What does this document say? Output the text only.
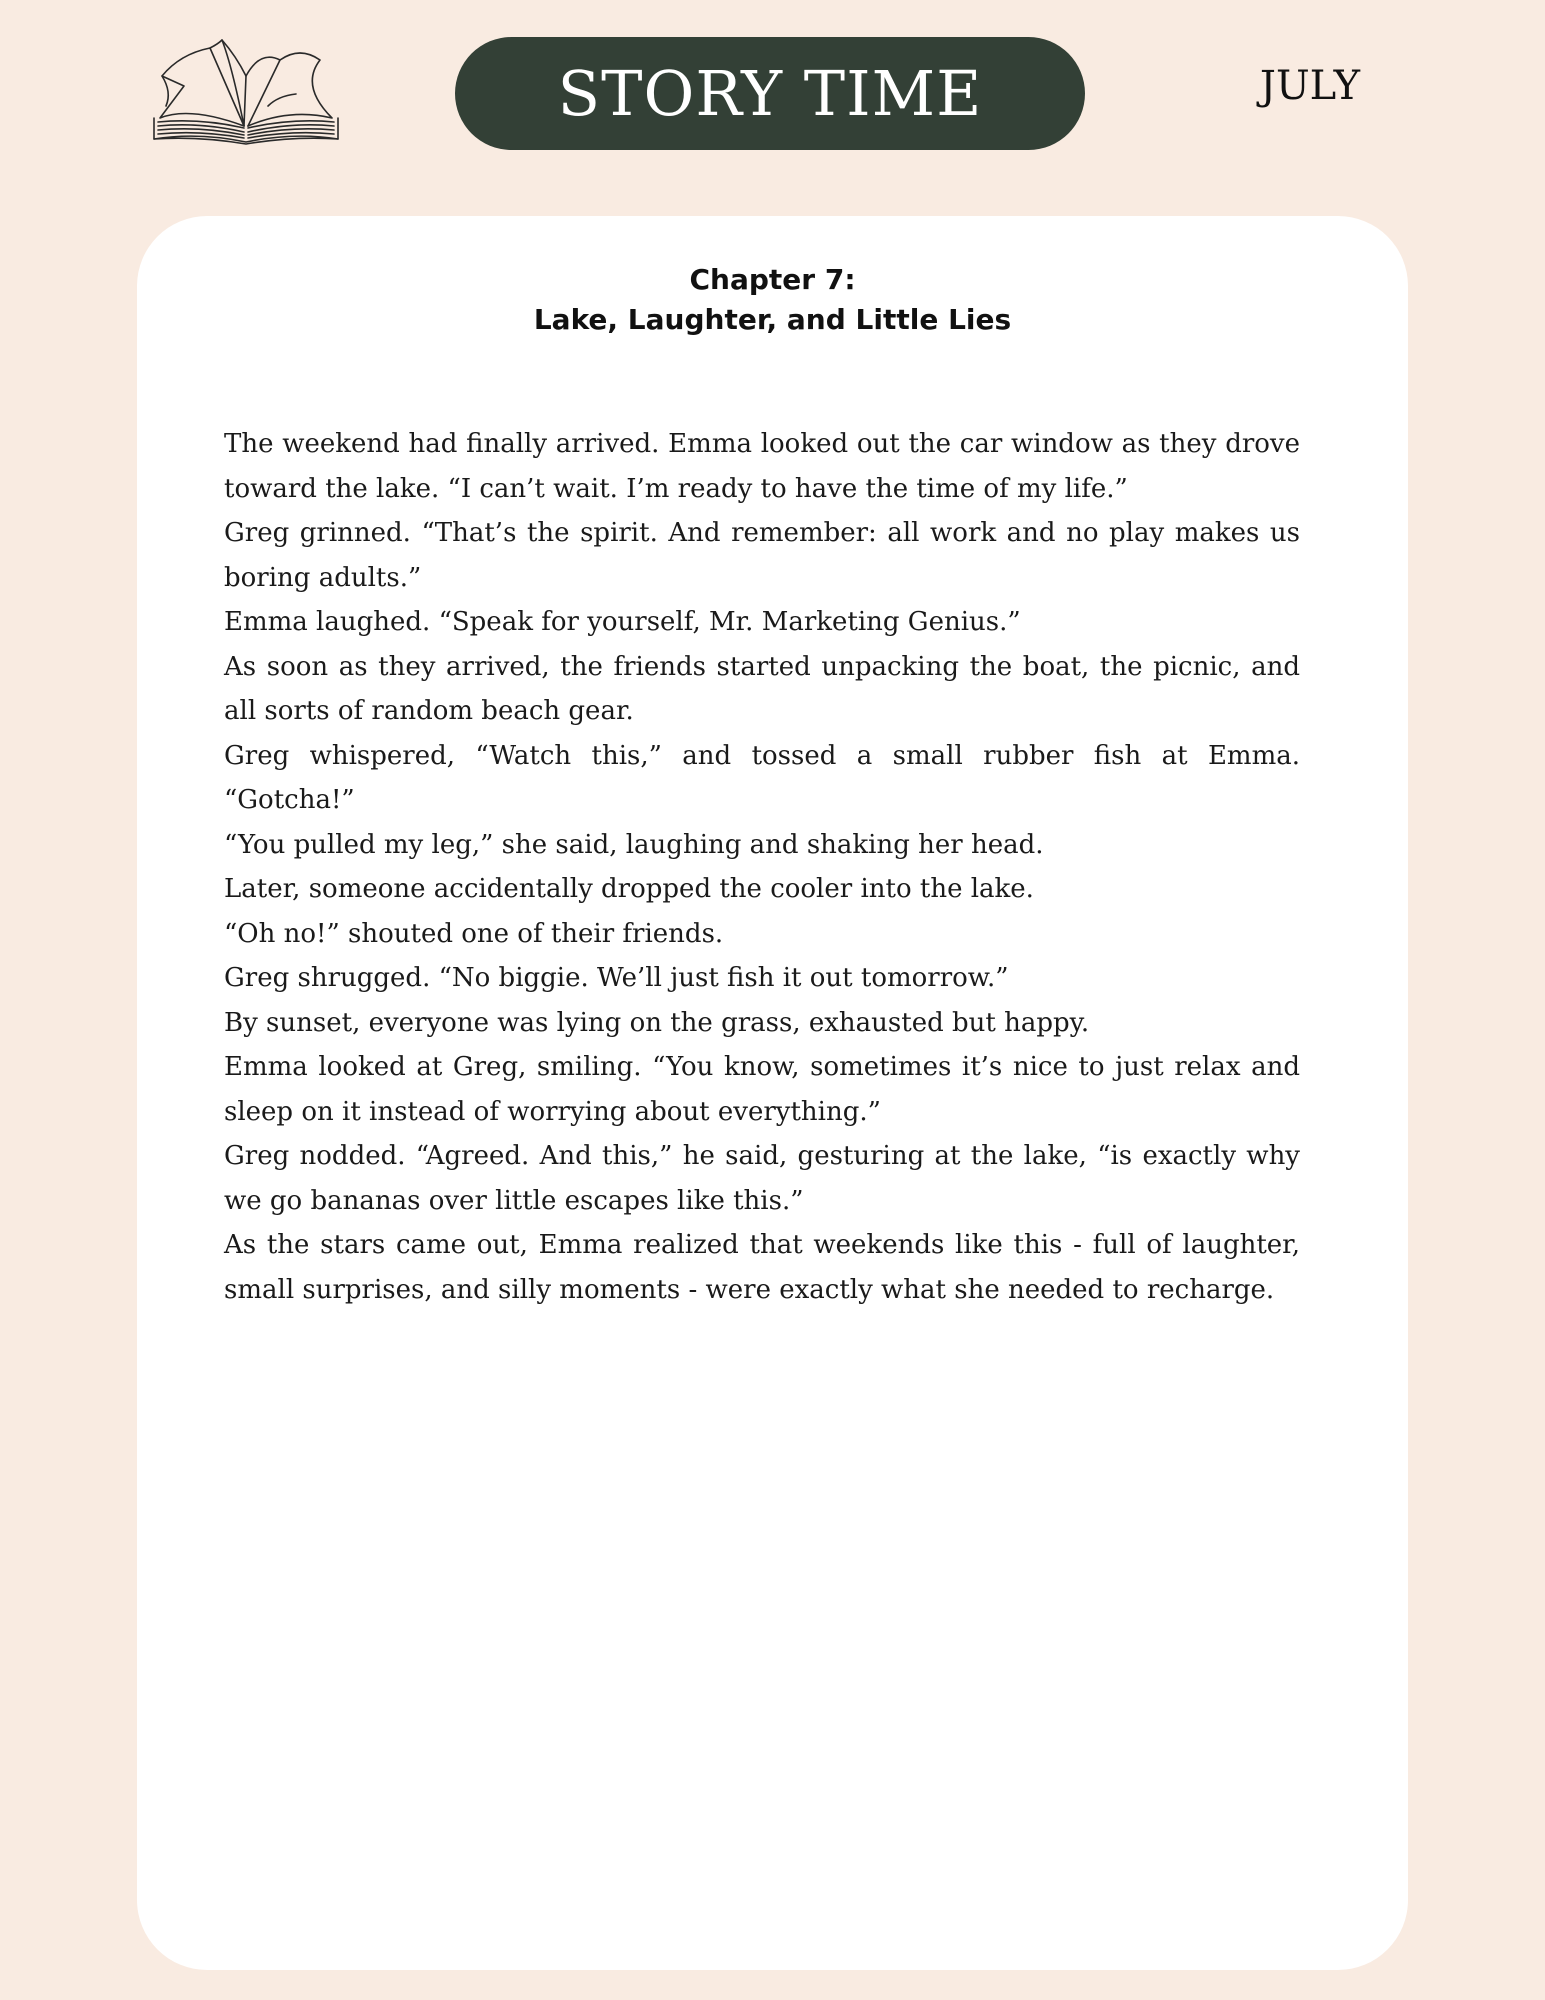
STORY TIME	JULY
Chapter 7:
Lake, Laughter, and Little Lies

The weekend had finally arrived. Emma looked out the car window as they drove toward the lake. “I can’t wait. I’m ready to have the time of my life.”

Greg grinned. “That’s the spirit. And remember: all work and no play makes us boring adults.”

Emma laughed. “Speak for yourself, Mr. Marketing Genius.”

As soon as they arrived, the friends started unpacking the boat, the picnic, and all sorts of random beach gear.

Greg whispered, “Watch this,” and tossed a small rubber fish at Emma. “Gotcha!”

“You pulled my leg,” she said, laughing and shaking her head.

Later, someone accidentally dropped the cooler into the lake.

“Oh no!” shouted one of their friends.

Greg shrugged. “No biggie. We’ll just fish it out tomorrow.”

By sunset, everyone was lying on the grass, exhausted but happy.

Emma looked at Greg, smiling. “You know, sometimes it’s nice to just relax and sleep on it instead of worrying about everything.”

Greg nodded. “Agreed. And this,” he said, gesturing at the lake, “is exactly why we go bananas over little escapes like this.”

As the stars came out, Emma realized that weekends like this - full of laughter, small surprises, and silly moments - were exactly what she needed to recharge.
